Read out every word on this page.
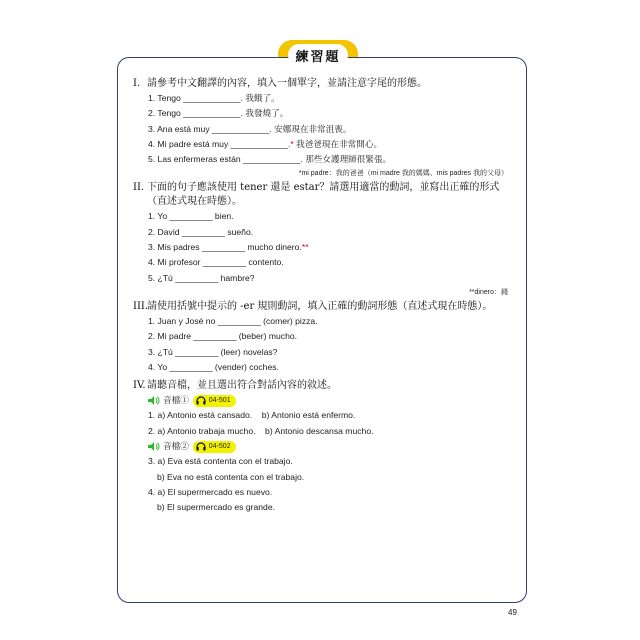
練習題
I. 請參考中文翻譯的內容，填入一個單字，並請注意字尾的形態。
1. Tengo ____________. 我餓了。
2. Tengo ____________. 我發燒了。
3. Ana está muy ____________. 安娜現在非常沮喪。
4. Mi padre está muy ____________.* 我爸爸現在非常開心。
5. Las enfermeras están ____________. 那些女護理師很緊張。
*mi padre：我的爸爸（mi madre 我的媽媽、mis padres 我的父母）
II. 下面的句子應該使用 tener 還是 estar？請選用適當的動詞，並寫出正確的形式（直述式現在時態）。
1. Yo _________ bien.
2. David _________ sueño.
3. Mis padres _________ mucho dinero.**
4. Mi profesor _________ contento.
5. ¿Tú _________ hambre?
**dinero：錢
III.請使用括號中提示的 -er 規則動詞，填入正確的動詞形態（直述式現在時態）。
1. Juan y José no _________ (comer) pizza.
2. Mi padre _________ (beber) mucho.
3. ¿Tú _________ (leer) novelas?
4. Yo _________ (vender) coches.
IV.請聽音檔，並且選出符合對話內容的敘述。
音檔①	04-501
1. a) Antonio está cansado.    b) Antonio está enfermo.
2. a) Antonio trabaja mucho.    b) Antonio descansa mucho.
音檔②	04-502
3. a) Eva está contenta con el trabajo.
b) Eva no está contenta con el trabajo.
4. a) El supermercado es nuevo.
b) El supermercado es grande.
49
